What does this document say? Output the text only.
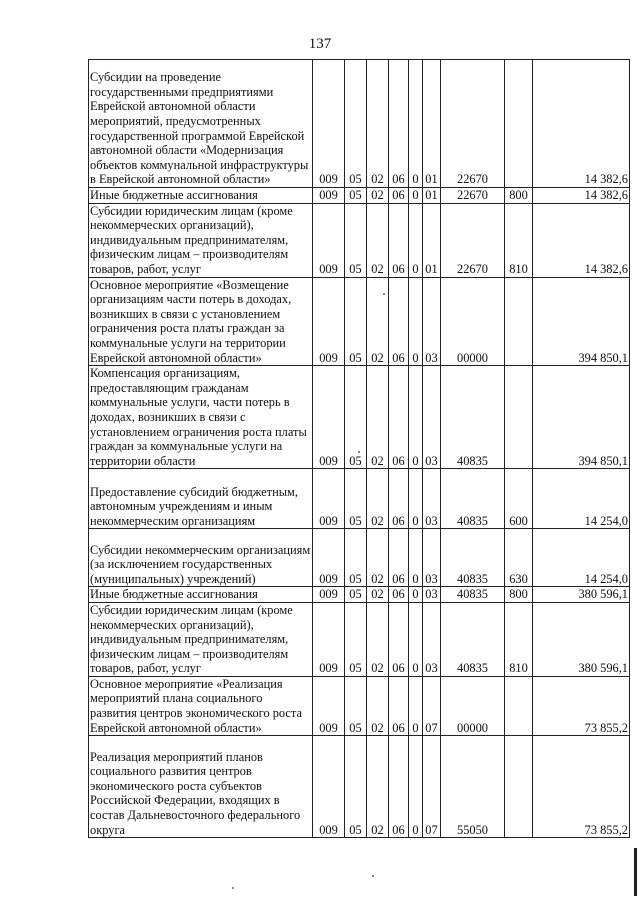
137
Субсидии на проведение государственными предприятиями Еврейской автономной области мероприятий, предусмотренных государственной программой Еврейской автономной области «Модернизация объектов коммунальной инфраструктуры в Еврейской автономной области»	009	05	02	06	0	01	22670		14 382,6
Иные бюджетные ассигнования	009	05	02	06	0	01	22670	800	14 382,6
Субсидии юридическим лицам (кроме некоммерческих организаций), индивидуальным предпринимателям, физическим лицам – производителям товаров, работ, услуг	009	05	02	06	0	01	22670	810	14 382,6
Основное мероприятие «Возмещение организациям части потерь в доходах, возникших в связи с установлением ограничения роста платы граждан за коммунальные услуги на территории Еврейской автономной области»	009	05	02	06	0	03	00000		394 850,1
Компенсация организациям, предоставляющим гражданам коммунальные услуги, части потерь в доходах, возникших в связи с установлением ограничения роста платы граждан за коммунальные услуги на территории области	009	05	02	06	0	03	40835		394 850,1
Предоставление субсидий бюджетным, автономным учреждениям и иным некоммерческим организациям	009	05	02	06	0	03	40835	600	14 254,0
Субсидии некоммерческим организациям (за исключением государственных (муниципальных) учреждений)	009	05	02	06	0	03	40835	630	14 254,0
Иные бюджетные ассигнования	009	05	02	06	0	03	40835	800	380 596,1
Субсидии юридическим лицам (кроме некоммерческих организаций), индивидуальным предпринимателям, физическим лицам – производителям товаров, работ, услуг	009	05	02	06	0	03	40835	810	380 596,1
Основное мероприятие «Реализация мероприятий плана социального развития центров экономического роста Еврейской автономной области»	009	05	02	06	0	07	00000		73 855,2
Реализация мероприятий планов социального развития центров экономического роста субъектов Российской Федерации, входящих в состав Дальневосточного федерального округа	009	05	02	06	0	07	55050		73 855,2
